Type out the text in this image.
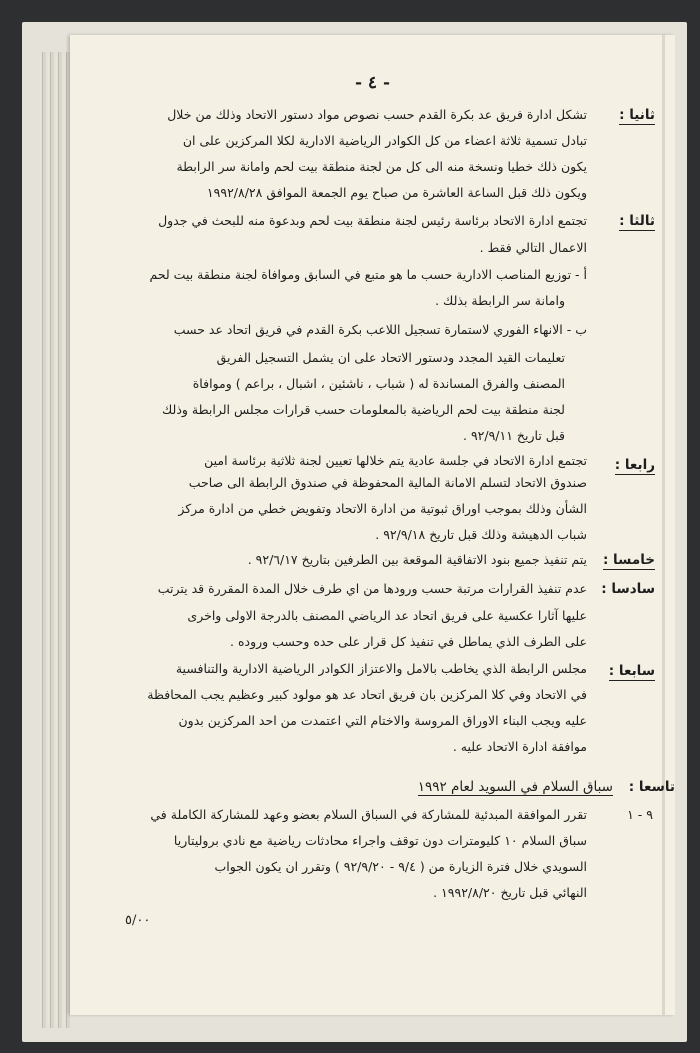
- ٤ -
ثانيا :
تشكل ادارة فريق عد بكرة القدم حسب نصوص مواد دستور الاتحاد وذلك من خلال
تبادل تسمية ثلاثة اعضاء من كل الكوادر الرياضية الادارية لكلا المركزين على ان
يكون ذلك خطيا ونسخة منه الى كل من لجنة منطقة بيت لحم وامانة سر الرابطة
ويكون ذلك قبل الساعة العاشرة من صباح يوم الجمعة الموافق ١٩٩٢/٨/٢٨
ثالثا :
تجتمع ادارة الاتحاد برئاسة رئيس لجنة منطقة بيت لحم وبدعوة منه للبحث في جدول
الاعمال التالي فقط .
أ - توزيع المناصب الادارية حسب ما هو متبع في السابق وموافاة لجنة منطقة بيت لحم
وامانة سر الرابطة بذلك .
ب - الانهاء الفوري لاستمارة تسجيل اللاعب بكرة القدم في فريق اتحاد عد حسب
تعليمات القيد المجدد ودستور الاتحاد على ان يشمل التسجيل الفريق
المصنف والفرق المساندة له ( شباب ، ناشئين ، اشبال ، براعم ) وموافاة
لجنة منطقة بيت لحم الرياضية بالمعلومات حسب قرارات مجلس الرابطة وذلك
قبل تاريخ ٩٢/٩/١١ .
رابعا :
تجتمع ادارة الاتحاد في جلسة عادية يتم خلالها تعيين لجنة ثلاثية برئاسة امين
صندوق الاتحاد لتسلم الامانة المالية المحفوظة في صندوق الرابطة الى صاحب
الشأن وذلك بموجب اوراق ثبوتية من ادارة الاتحاد وتفويض خطي من ادارة مركز
شباب الدهيشة وذلك قبل تاريخ ٩٢/٩/١٨ .
خامسا :
يتم تنفيذ جميع بنود الاتفاقية الموقعة بين الطرفين بتاريخ ٩٢/٦/١٧ .
سادسا :
عدم تنفيذ القرارات مرتبة حسب ورودها من اي طرف خلال المدة المقررة قد يترتب
عليها آثارا عكسية على فريق اتحاد عد الرياضي المصنف بالدرجة الاولى واخرى
على الطرف الذي يماطل في تنفيذ كل قرار على حده وحسب وروده .
سابعا :
مجلس الرابطة الذي يخاطب بالامل والاعتزاز الكوادر الرياضية الادارية والتنافسية
في الاتحاد وفي كلا المركزين بان فريق اتحاد عد هو مولود كبير وعظيم يجب المحافظة
عليه ويجب البناء الاوراق المروسة والاختام التي اعتمدت من احد المركزين بدون
موافقة ادارة الاتحاد عليه .
تاسعا :
سباق السلام في السويد لعام ١٩٩٢
٩ - ١
تقرر الموافقة المبدئية للمشاركة في السباق السلام بعضو وعهد للمشاركة الكاملة في
سباق السلام ١٠ كليومترات دون توقف واجراء محادثات رياضية مع نادي برولیتاریا
السويدي خلال فترة الزيارة من ( ٩/٤ - ٩٢/٩/٢٠ ) وتقرر ان يكون الجواب
النهائي قبل تاريخ ١٩٩٢/٨/٢٠ .
٥/٠٠
